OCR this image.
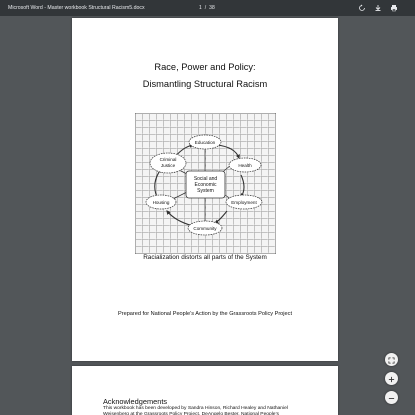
Microsoft Word - Master workbook Structural Racism5.docx	1 / 38
Race, Power and Policy:
Dismantling Structural Racism
Social and
Economic
System
Education
Health
Employment
Community
Housing
Criminal
Justice
Racialization distorts all parts of the System
Prepared for National People’s Action by the Grassroots Policy Project
Acknowledgements
This workbook has been developed by Sandra Hinson, Richard Healey and Nathaniel Weisenberg at the Grassroots Policy Project, DeAngelo Bester, National People’s
